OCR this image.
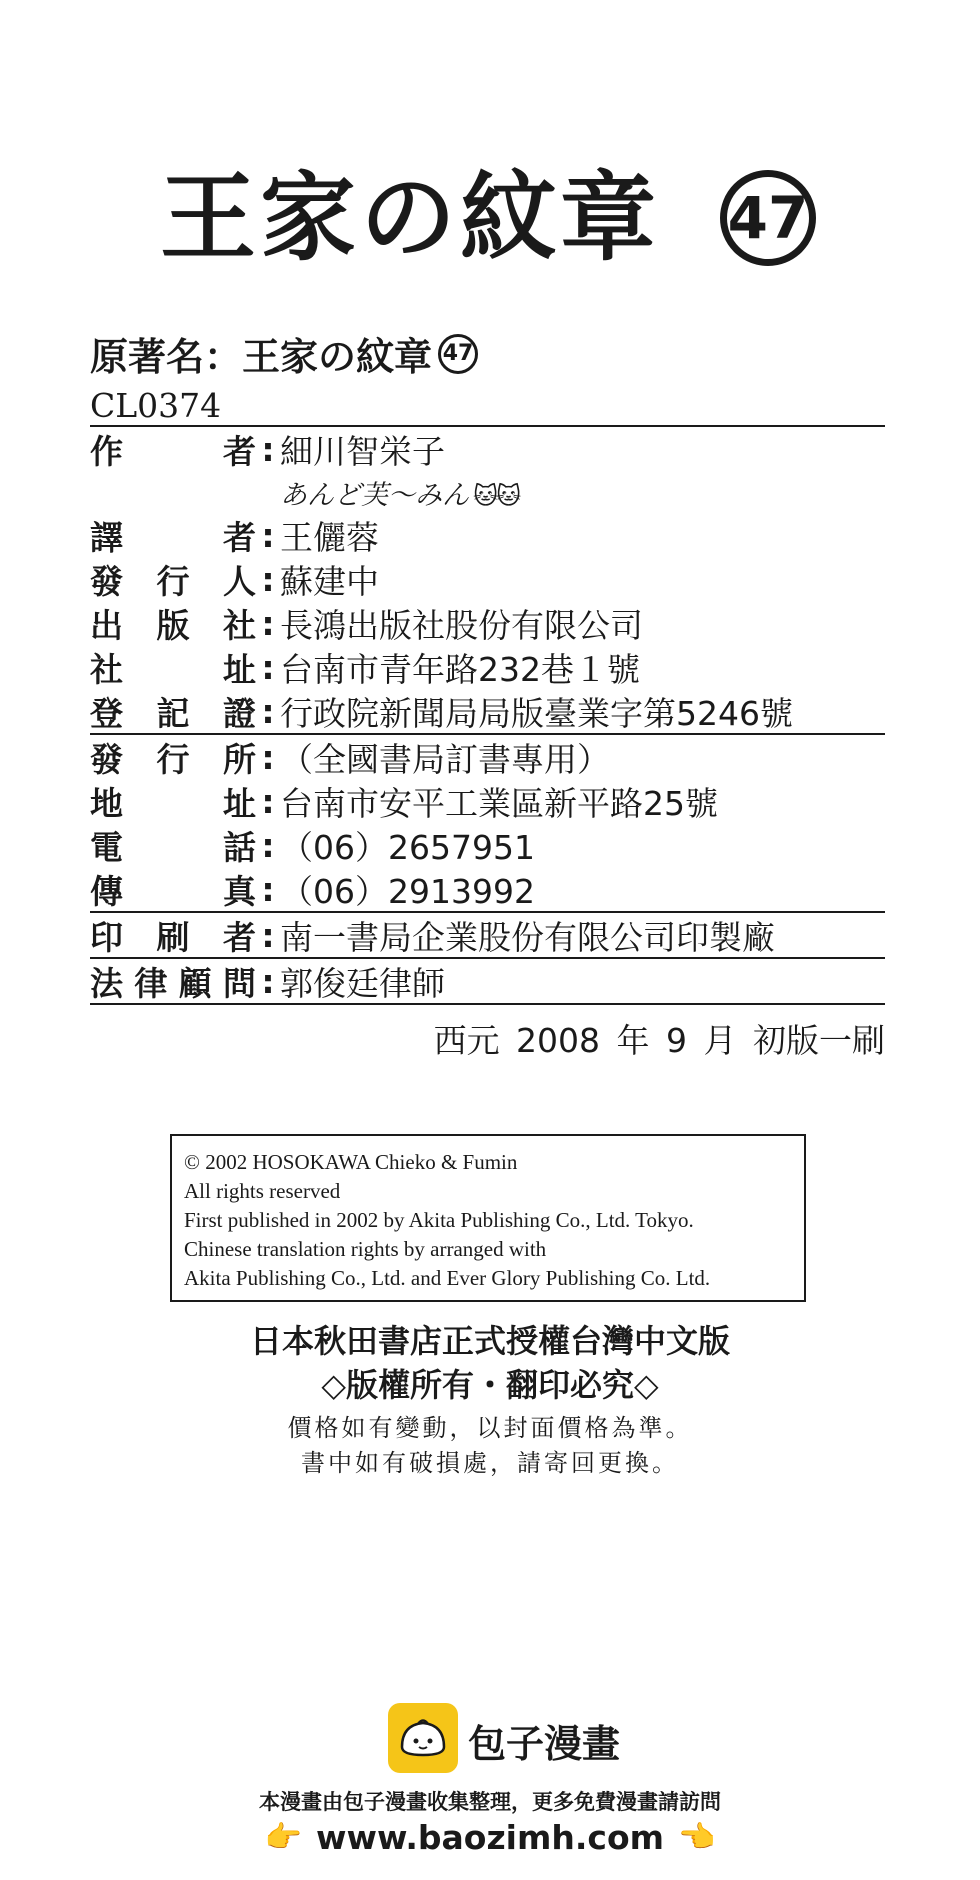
王家の紋章 47
原著名：王家の紋章 47
CL0374
作	者 : 細川智栄子
あんど芙～みん 🐱🐱
譯	者 : 王儷蓉
發 行 人 : 蘇建中
出 版 社 : 長鴻出版社股份有限公司
社	址 : 台南市青年路232巷１號
登 記 證 : 行政院新聞局局版臺業字第5246號
發 行 所 : （全國書局訂書專用）
地	址 : 台南市安平工業區新平路25號
電	話 : （06）2657951
傳	真 : （06）2913992
印 刷 者 : 南一書局企業股份有限公司印製廠
法 律 顧 問 : 郭俊廷律師
西元 2008 年 9 月 初版一刷
© 2002 HOSOKAWA Chieko & Fumin
All rights reserved
First published in 2002 by Akita Publishing Co., Ltd. Tokyo.
Chinese translation rights by arranged with
Akita Publishing Co., Ltd. and Ever Glory Publishing Co. Ltd.
日本秋田書店正式授權台灣中文版
◇版權所有・翻印必究◇
價格如有變動，以封面價格為準。
書中如有破損處，請寄回更換。
包子漫畫
本漫畫由包子漫畫收集整理，更多免費漫畫請訪問
👉 www.baozimh.com 👈
